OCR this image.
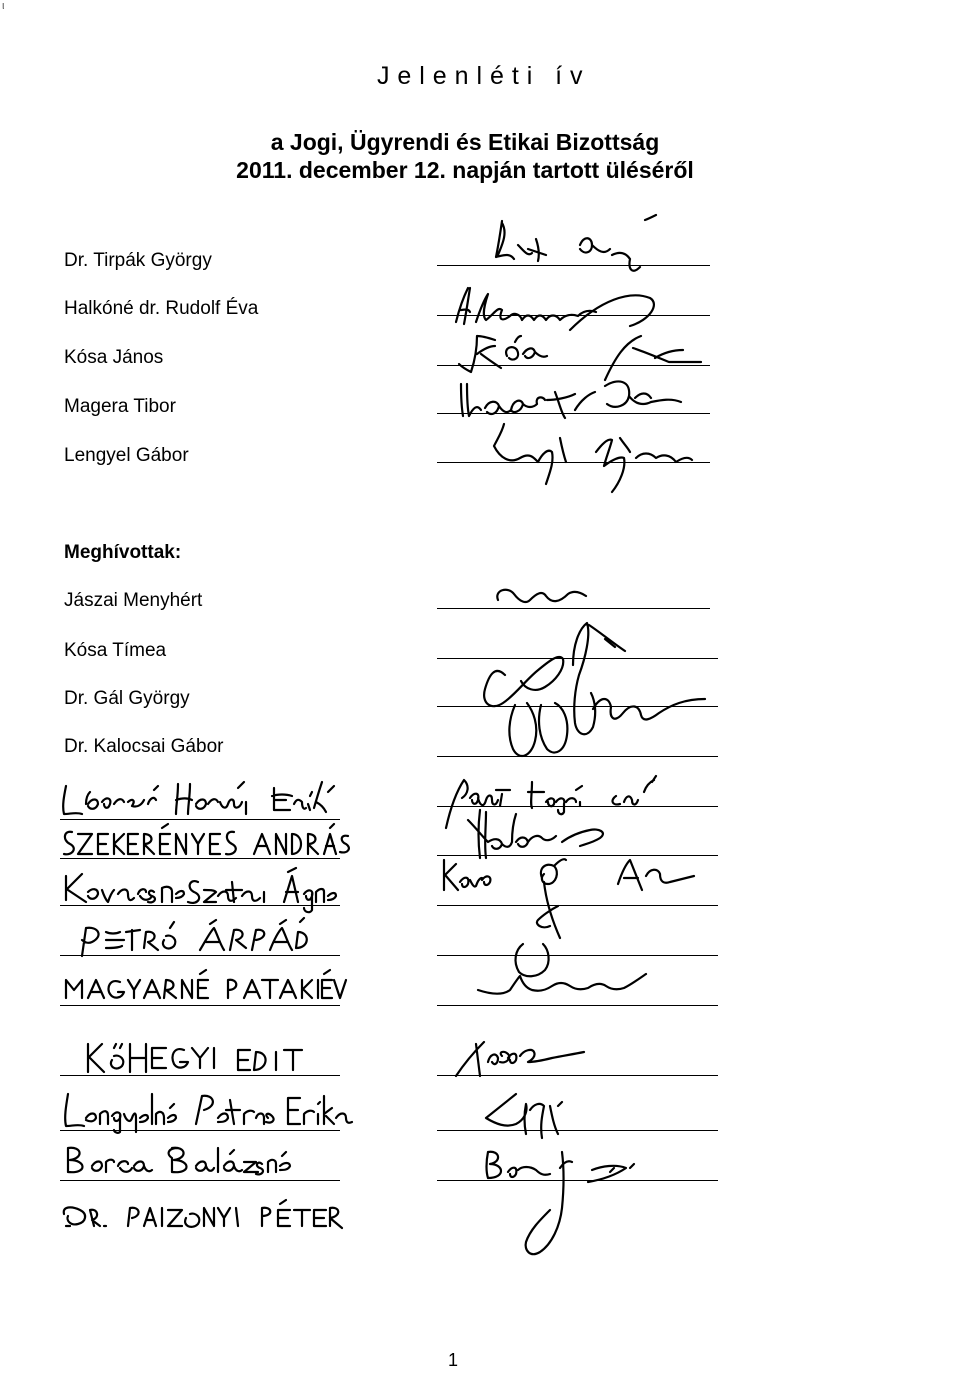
ι
J e l e n l é t i   í v
a Jogi, Ügyrendi és Etikai Bizottság
2011. december 12. napján tartott üléséről
Dr. Tirpák György
Halkóné dr. Rudolf Éva
Kósa János
Magera Tibor
Lengyel Gábor
Meghívottak:
Jászai Menyhért
Kósa Tímea
Dr. Gál György
Dr. Kalocsai Gábor
1
